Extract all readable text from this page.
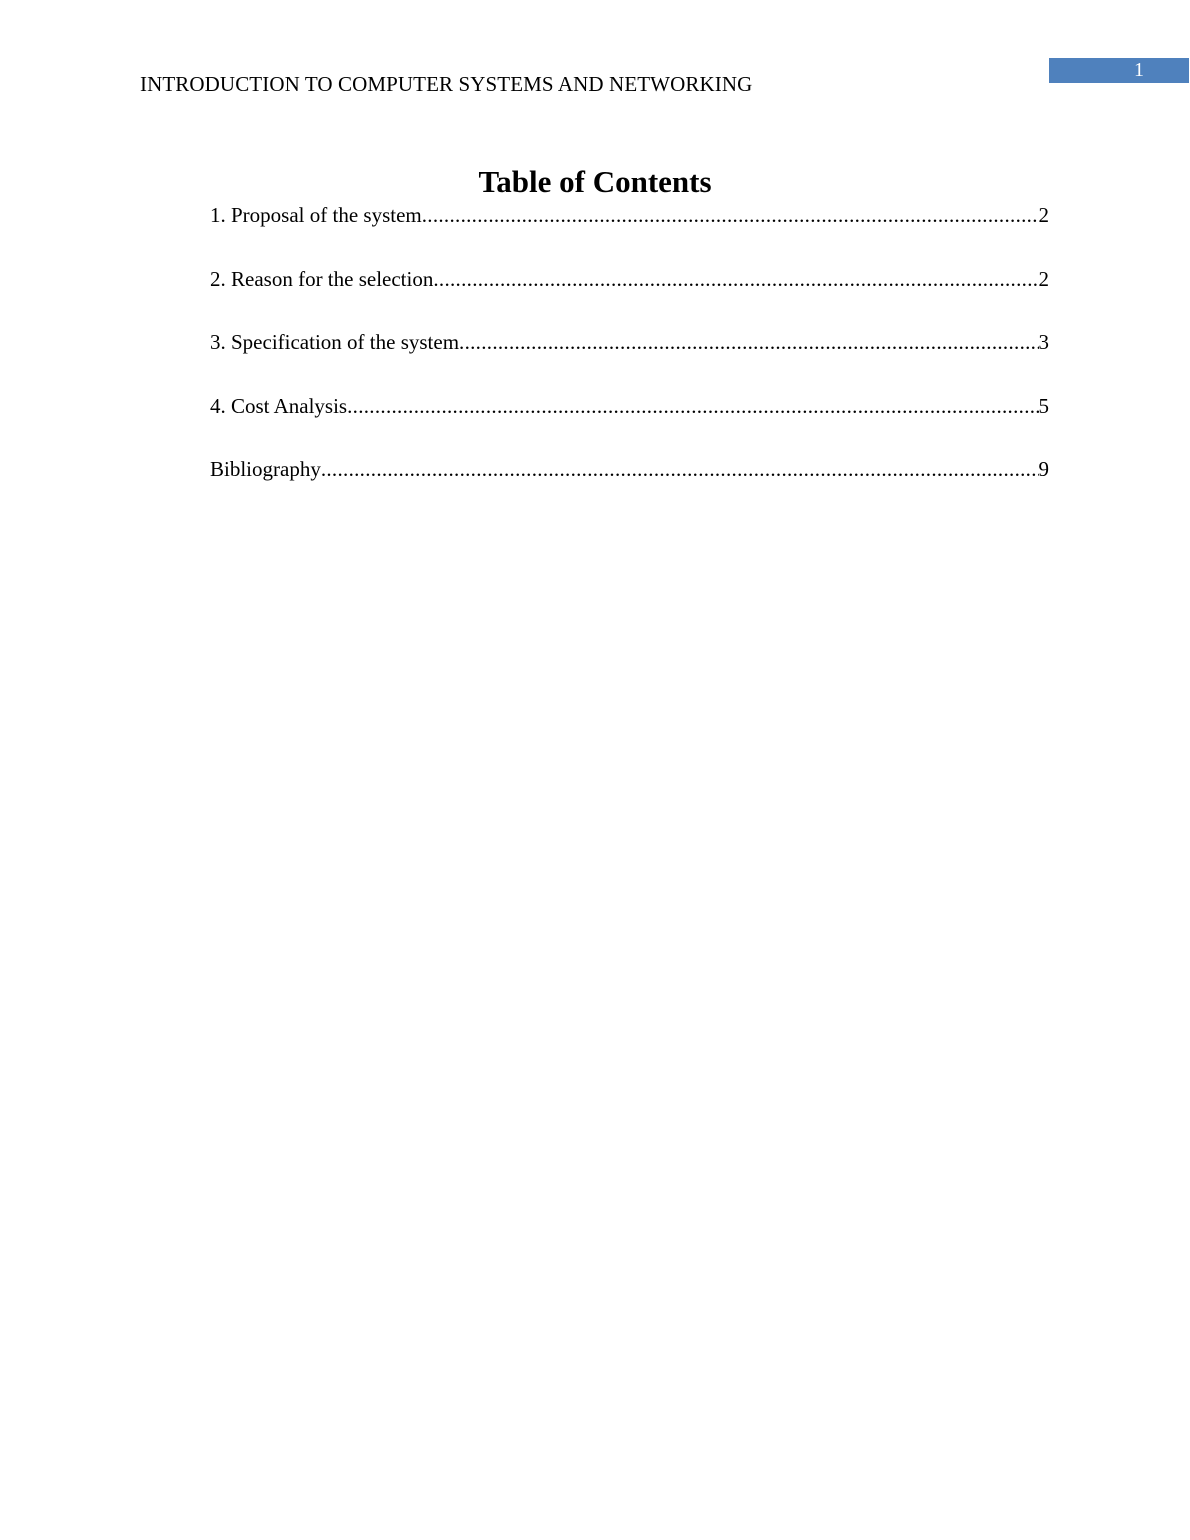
INTRODUCTION TO COMPUTER SYSTEMS AND NETWORKING
1
Table of Contents
1. Proposal of the system .....	2
2. Reason for the selection .....	2
3. Specification of the system .....	3
4. Cost Analysis .....	5
Bibliography .....	9
